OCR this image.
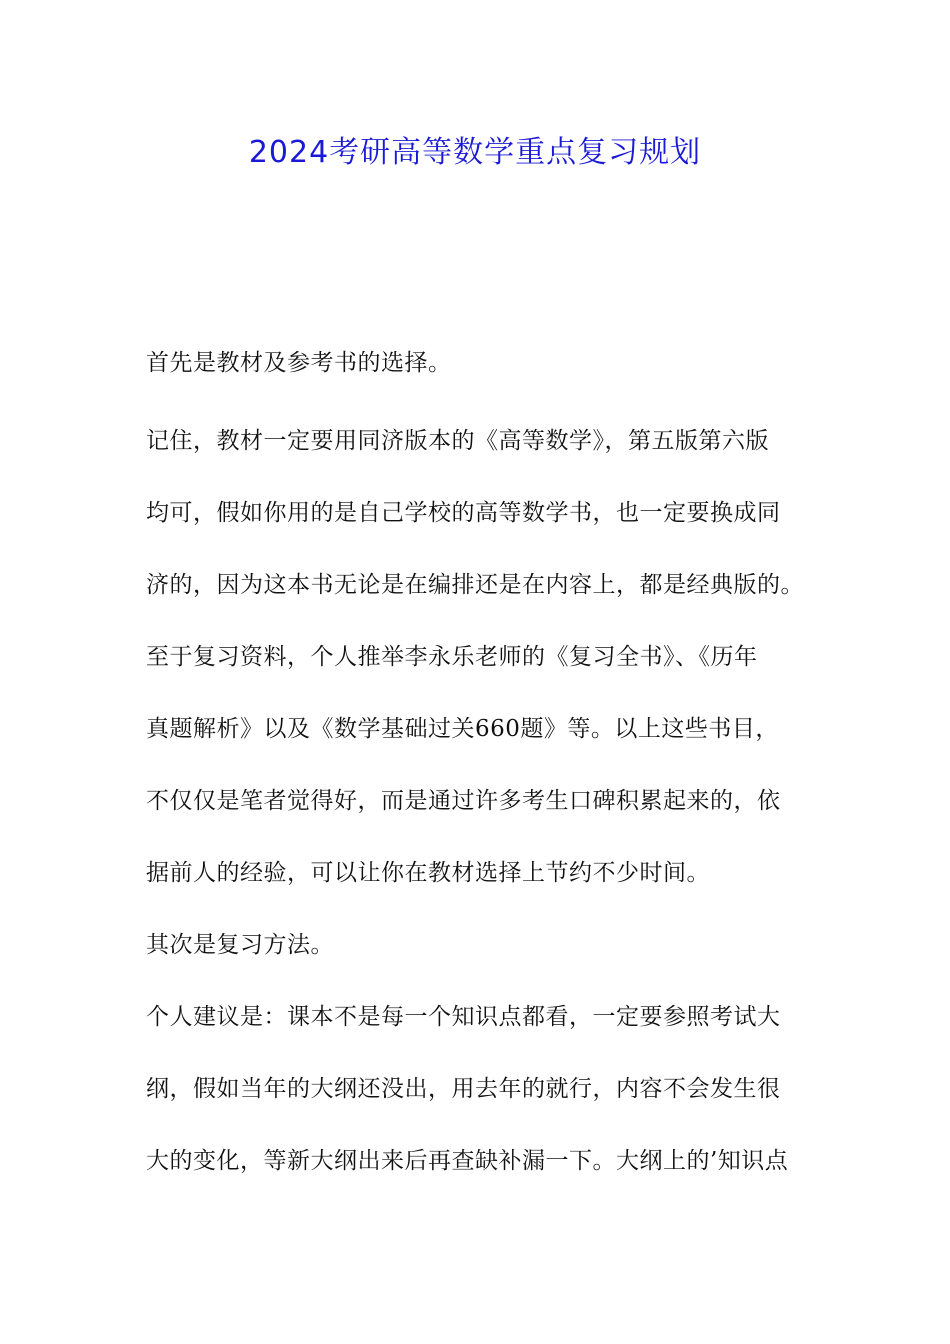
2024考研高等数学重点复习规划
首先是教材及参考书的选择。
记住，教材一定要用同济版本的《高等数学》，第五版第六版
均可，假如你用的是自己学校的高等数学书，也一定要换成同
济的，因为这本书无论是在编排还是在内容上，都是经典版的。
至于复习资料，个人推举李永乐老师的《复习全书》、《历年
真题解析》以及《数学基础过关660题》等。以上这些书目，
不仅仅是笔者觉得好，而是通过许多考生口碑积累起来的，依
据前人的经验，可以让你在教材选择上节约不少时间。
其次是复习方法。
个人建议是：课本不是每一个知识点都看，一定要参照考试大
纲，假如当年的大纲还没出，用去年的就行，内容不会发生很
大的变化，等新大纲出来后再查缺补漏一下。大纲上的’知识点
